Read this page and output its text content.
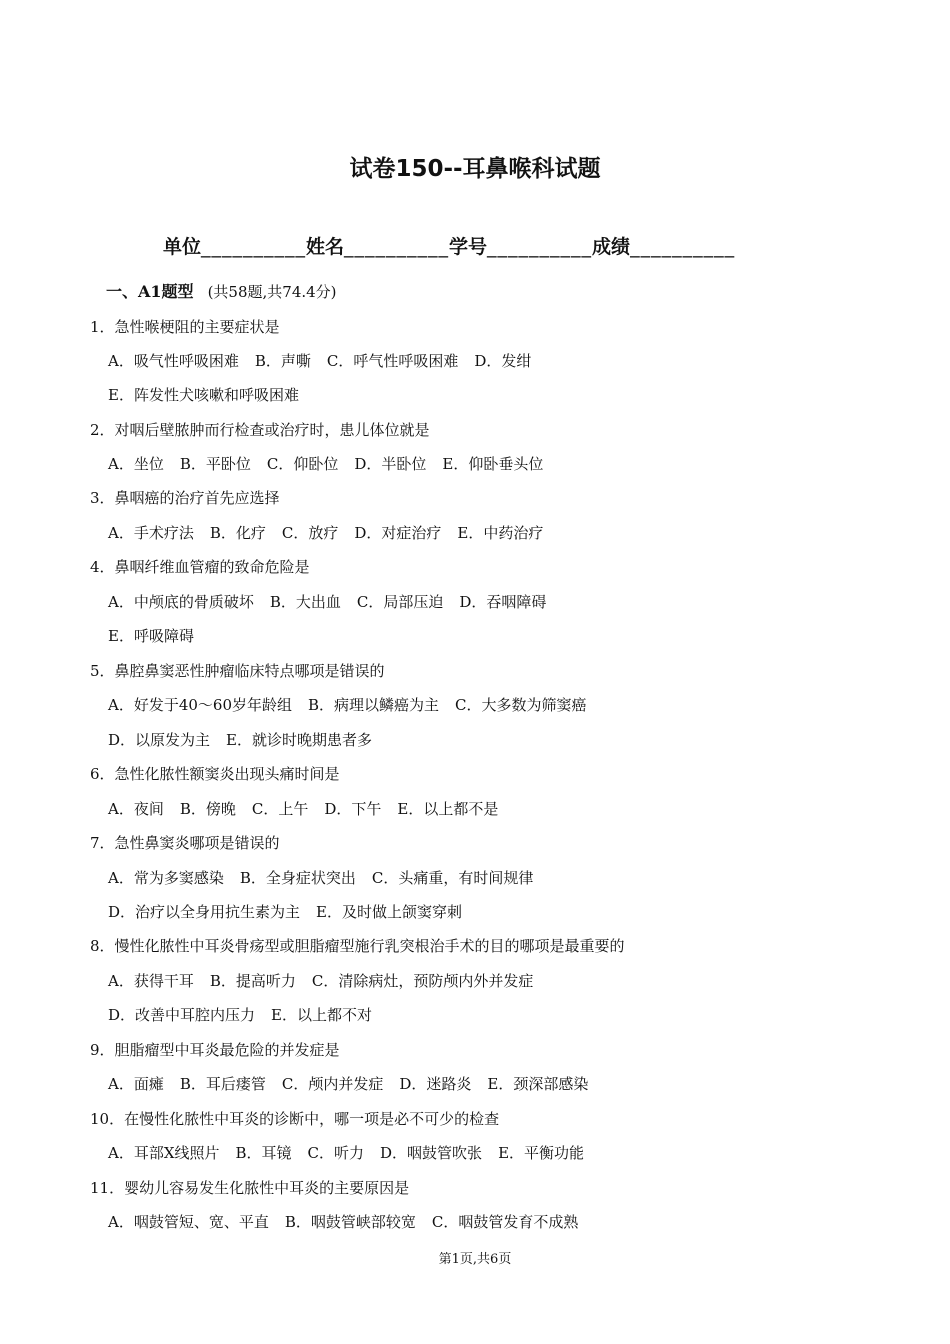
试卷150--耳鼻喉科试题
单位__________姓名__________学号__________成绩__________
一、A1题型 (共58题,共74.4分)
1．急性喉梗阻的主要症状是
A．吸气性呼吸困难 B．声嘶 C．呼气性呼吸困难 D．发绀
E．阵发性犬咳嗽和呼吸困难
2．对咽后壁脓肿而行检查或治疗时，患儿体位就是
A．坐位 B．平卧位 C．仰卧位 D．半卧位 E．仰卧垂头位
3．鼻咽癌的治疗首先应选择
A．手术疗法 B．化疗 C．放疗 D．对症治疗 E．中药治疗
4．鼻咽纤维血管瘤的致命危险是
A．中颅底的骨质破坏 B．大出血 C．局部压迫 D．吞咽障碍
E．呼吸障碍
5．鼻腔鼻窦恶性肿瘤临床特点哪项是错误的
A．好发于40～60岁年龄组 B．病理以鳞癌为主 C．大多数为筛窦癌
D．以原发为主 E．就诊时晚期患者多
6．急性化脓性额窦炎出现头痛时间是
A．夜间 B．傍晚 C．上午 D．下午 E．以上都不是
7．急性鼻窦炎哪项是错误的
A．常为多窦感染 B．全身症状突出 C．头痛重，有时间规律
D．治疗以全身用抗生素为主 E．及时做上颌窦穿刺
8．慢性化脓性中耳炎骨疡型或胆脂瘤型施行乳突根治手术的目的哪项是最重要的
A．获得干耳 B．提高听力 C．清除病灶，预防颅内外并发症
D．改善中耳腔内压力 E．以上都不对
9．胆脂瘤型中耳炎最危险的并发症是
A．面瘫 B．耳后瘘管 C．颅内并发症 D．迷路炎 E．颈深部感染
10．在慢性化脓性中耳炎的诊断中，哪一项是必不可少的检查
A．耳部X线照片 B．耳镜 C．听力 D．咽鼓管吹张 E．平衡功能
11．婴幼儿容易发生化脓性中耳炎的主要原因是
A．咽鼓管短、宽、平直 B．咽鼓管峡部较宽 C．咽鼓管发育不成熟
第1页,共6页
